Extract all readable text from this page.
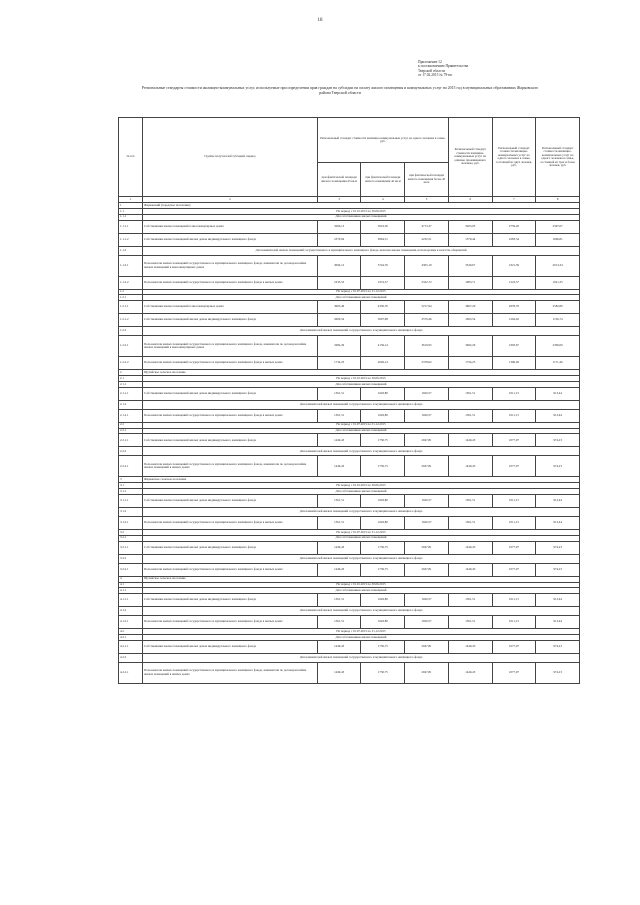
18
Приложение 12
к постановлению Правительства
Тверской области
от 17.02.2015 № 79-пп
Региональные стандарты стоимости жилищно-коммунальных услуг, используемые при определении прав граждан на субсидии на оплату жилого помещения и коммунальных услуг на 2015 год в муниципальных образованиях Жарковского района Тверской области
№ п/п	Группы получателей субсидий, период	Региональный стандарт стоимости жилищно-коммунальных услуг на одного человека в семье, руб.			Региональный стандарт стоимости жилищно-коммунальных услуг на одиноко проживающего человека, руб.	Региональный стандарт стоимости жилищно-коммунальных услуг на одного человека в семье, состоящей из двух человек, руб.	Региональный стандарт стоимости жилищно-коммунальных услуг на одного человека в семье, состоящей из трех и более человек, руб.
		при фактической площади жилого помещения 45 кв.м	при фактической площади жилого помещения 42 кв.м	при фактической площади жилого помещения более 45 кв.м			
1	2	3	4	5	6	7	8
1	Жарковский (городское поселение)						
1.1	На период с 01.01.2015 по 30.06.2015						
1.1.1	Для собственников жилых помещений						
1.1.1.1	Собственники жилых помещений в многоквартирных домах	3266,13	3919,36	4713,37	3265,05	2759,26	2307,67
1.1.1.2	Собственники жилых помещений жилых домов индивидуального жилищного фонда	2370,04	2864,31	2232,51	1570,44	2283,34	1666,81
1.1.2	Для нанимателей жилых помещений государственного и муниципального жилищного фонда, включая жилые помещения, используемые в качестве общежитий						
1.1.2.1	Пользователи жилых помещений государственного и муниципального жилищного фонда, наниматели по договорам найма жилых помещений в многоквартирных домах	3094,12	3744,76	4305,19	3540,67	2321,39	2013,34
1.1.2.2	Пользователи жилых помещений государственного и муниципального жилищного фонда в жилых домах	1635,53	1974,57	2322,72	1683,71	1223,57	1021,35
1.2	На период с 01.07.2015 по 31.12.2015						
1.2.1	Для собственников жилых помещений						
1.2.1.1	Собственники жилых помещений в многоквартирных домах	3603,46	4330,76	5217,94	3667,20	2978,76	2582,80
1.2.1.2	Собственники жилых помещений жилых домов индивидуального жилищного фонда	2600,54	3097,98	2570,46	1693,54	1294,92	1136,74
1.2.2	Для нанимателей жилых помещений государственного и муниципального жилищного фонда						
1.2.2.1	Пользователи жилых помещений государственного и муниципального жилищного фонда, наниматели по договорам найма жилых помещений в многоквартирных домах	3482,29	4136,14	3619,95	3482,29	2303,67	2306,00
1.2.2.2	Пользователи жилых помещений государственного и муниципального жилищного фонда в жилых домах	1734,23	2046,14	2378,62	1734,23	1396,49	1171,46
2	Щучейское сельское поселение						
2.1	На период с 01.01.2015 по 30.06.2015						
2.1.1	Для собственников жилых помещений						
2.1.1.1	Собственники жилых помещений жилых домов индивидуального жилищного фонда	1361,51	1626,80	1920,57	1361,51	1011,15	913,44
2.1.2	Для нанимателей жилых помещений государственного и муниципального жилищного фонда						
2.1.2.1	Пользователи жилых помещений государственного и муниципального жилищного фонда в жилых домах	1361,51	1626,80	1920,57	1361,51	1011,15	913,44
2.2	На период с 01.07.2015 по 31.12.2015						
2.2.1	Для собственников жилых помещений						
2.2.1.1	Собственники жилых помещений жилых домов индивидуального жилищного фонда	1449,43	1730,75	2047,81	1449,43	1077,97	974,23
2.2.2	Для нанимателей жилых помещений государственного и муниципального жилищного фонда						
2.2.2.1	Пользователи жилых помещений государственного и муниципального жилищного фонда, наниматели по договорам найма жилых помещений в жилых домах	1449,43	1730,75	2047,81	1449,43	1077,97	974,23
3	Жарковское сельское поселение						
3.1	На период с 01.01.2015 по 30.06.2015						
3.1.1	Для собственников жилых помещений						
3.1.1.1	Собственники жилых помещений жилых домов индивидуального жилищного фонда	1361,51	1626,80	1920,57	1361,51	1011,15	913,44
3.1.2	Для нанимателей жилых помещений государственного и муниципального жилищного фонда						
3.1.2.1	Пользователи жилых помещений государственного и муниципального жилищного фонда в жилых домах	1361,51	1626,80	1920,57	1361,51	1011,15	913,44
3.2	На период с 01.07.2015 по 31.12.2015						
3.2.1	Для собственников жилых помещений						
3.2.1.1	Собственники жилых помещений жилых домов индивидуального жилищного фонда	1449,43	1730,75	2047,81	1449,43	1077,97	974,23
3.2.2	Для нанимателей жилых помещений государственного и муниципального жилищного фонда						
3.2.2.1	Пользователи жилых помещений государственного и муниципального жилищного фонда в жилых домах	1449,43	1730,75	2047,81	1449,43	1077,97	974,23
4	Щучейское сельское поселение						
4.1	На период с 01.01.2015 по 30.06.2015						
4.1.1	Для собственников жилых помещений						
4.1.1.1	Собственники жилых помещений жилых домов индивидуального жилищного фонда	1361,51	1626,80	1920,57	1361,51	1011,15	913,44
4.1.2	Для нанимателей жилых помещений государственного и муниципального жилищного фонда						
4.1.2.1	Пользователи жилых помещений государственного и муниципального жилищного фонда в жилых домах	1361,51	1626,80	1920,57	1361,51	1011,15	913,44
4.2	На период с 01.07.2015 по 31.12.2015						
4.2.1	Для собственников жилых помещений						
4.2.1.1	Собственники жилых помещений жилых домов индивидуального жилищного фонда	1449,43	1730,75	2047,81	1449,43	1077,97	974,23
4.2.2	Для нанимателей жилых помещений государственного и муниципального жилищного фонда						
4.2.2.1	Пользователи жилых помещений государственного и муниципального жилищного фонда, наниматели по договорам найма жилых помещений в жилых домах	1449,43	1730,75	2047,81	1449,43	1077,97	974,23
